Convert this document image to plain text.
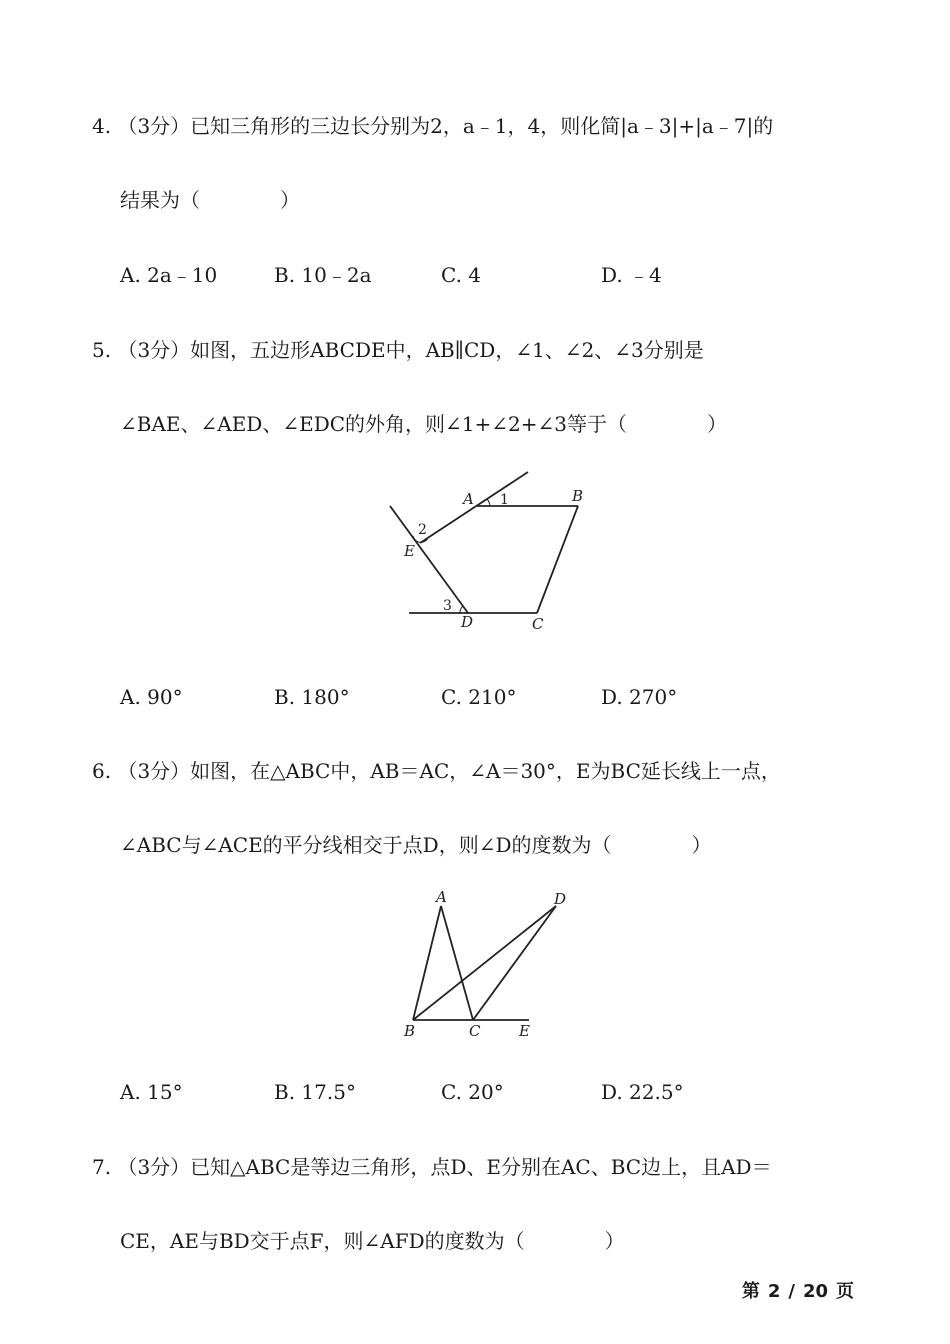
4. （3分）已知三角形的三边长分别为2，a﹣1，4，则化简|a﹣3|+|a﹣7|的
结果为（　　　　）
A. 2a﹣10	B. 10﹣2a	C. 4	D. ﹣4
5. （3分）如图，五边形ABCDE中，AB∥CD，∠1、∠2、∠3分别是
∠BAE、∠AED、∠EDC的外角，则∠1+∠2+∠3等于（　　　　）
A	B
C
D
E
1
2
3
A. 90°	B. 180°	C. 210°	D. 270°
6. （3分）如图，在△ABC中，AB＝AC，∠A＝30°，E为BC延长线上一点，
∠ABC与∠ACE的平分线相交于点D，则∠D的度数为（　　　　）
A
B	C
D
E
A. 15°	B. 17.5°	C. 20°	D. 22.5°
7. （3分）已知△ABC是等边三角形，点D、E分别在AC、BC边上，且AD＝
CE，AE与BD交于点F，则∠AFD的度数为（　　　　）
第 2 / 20 页
